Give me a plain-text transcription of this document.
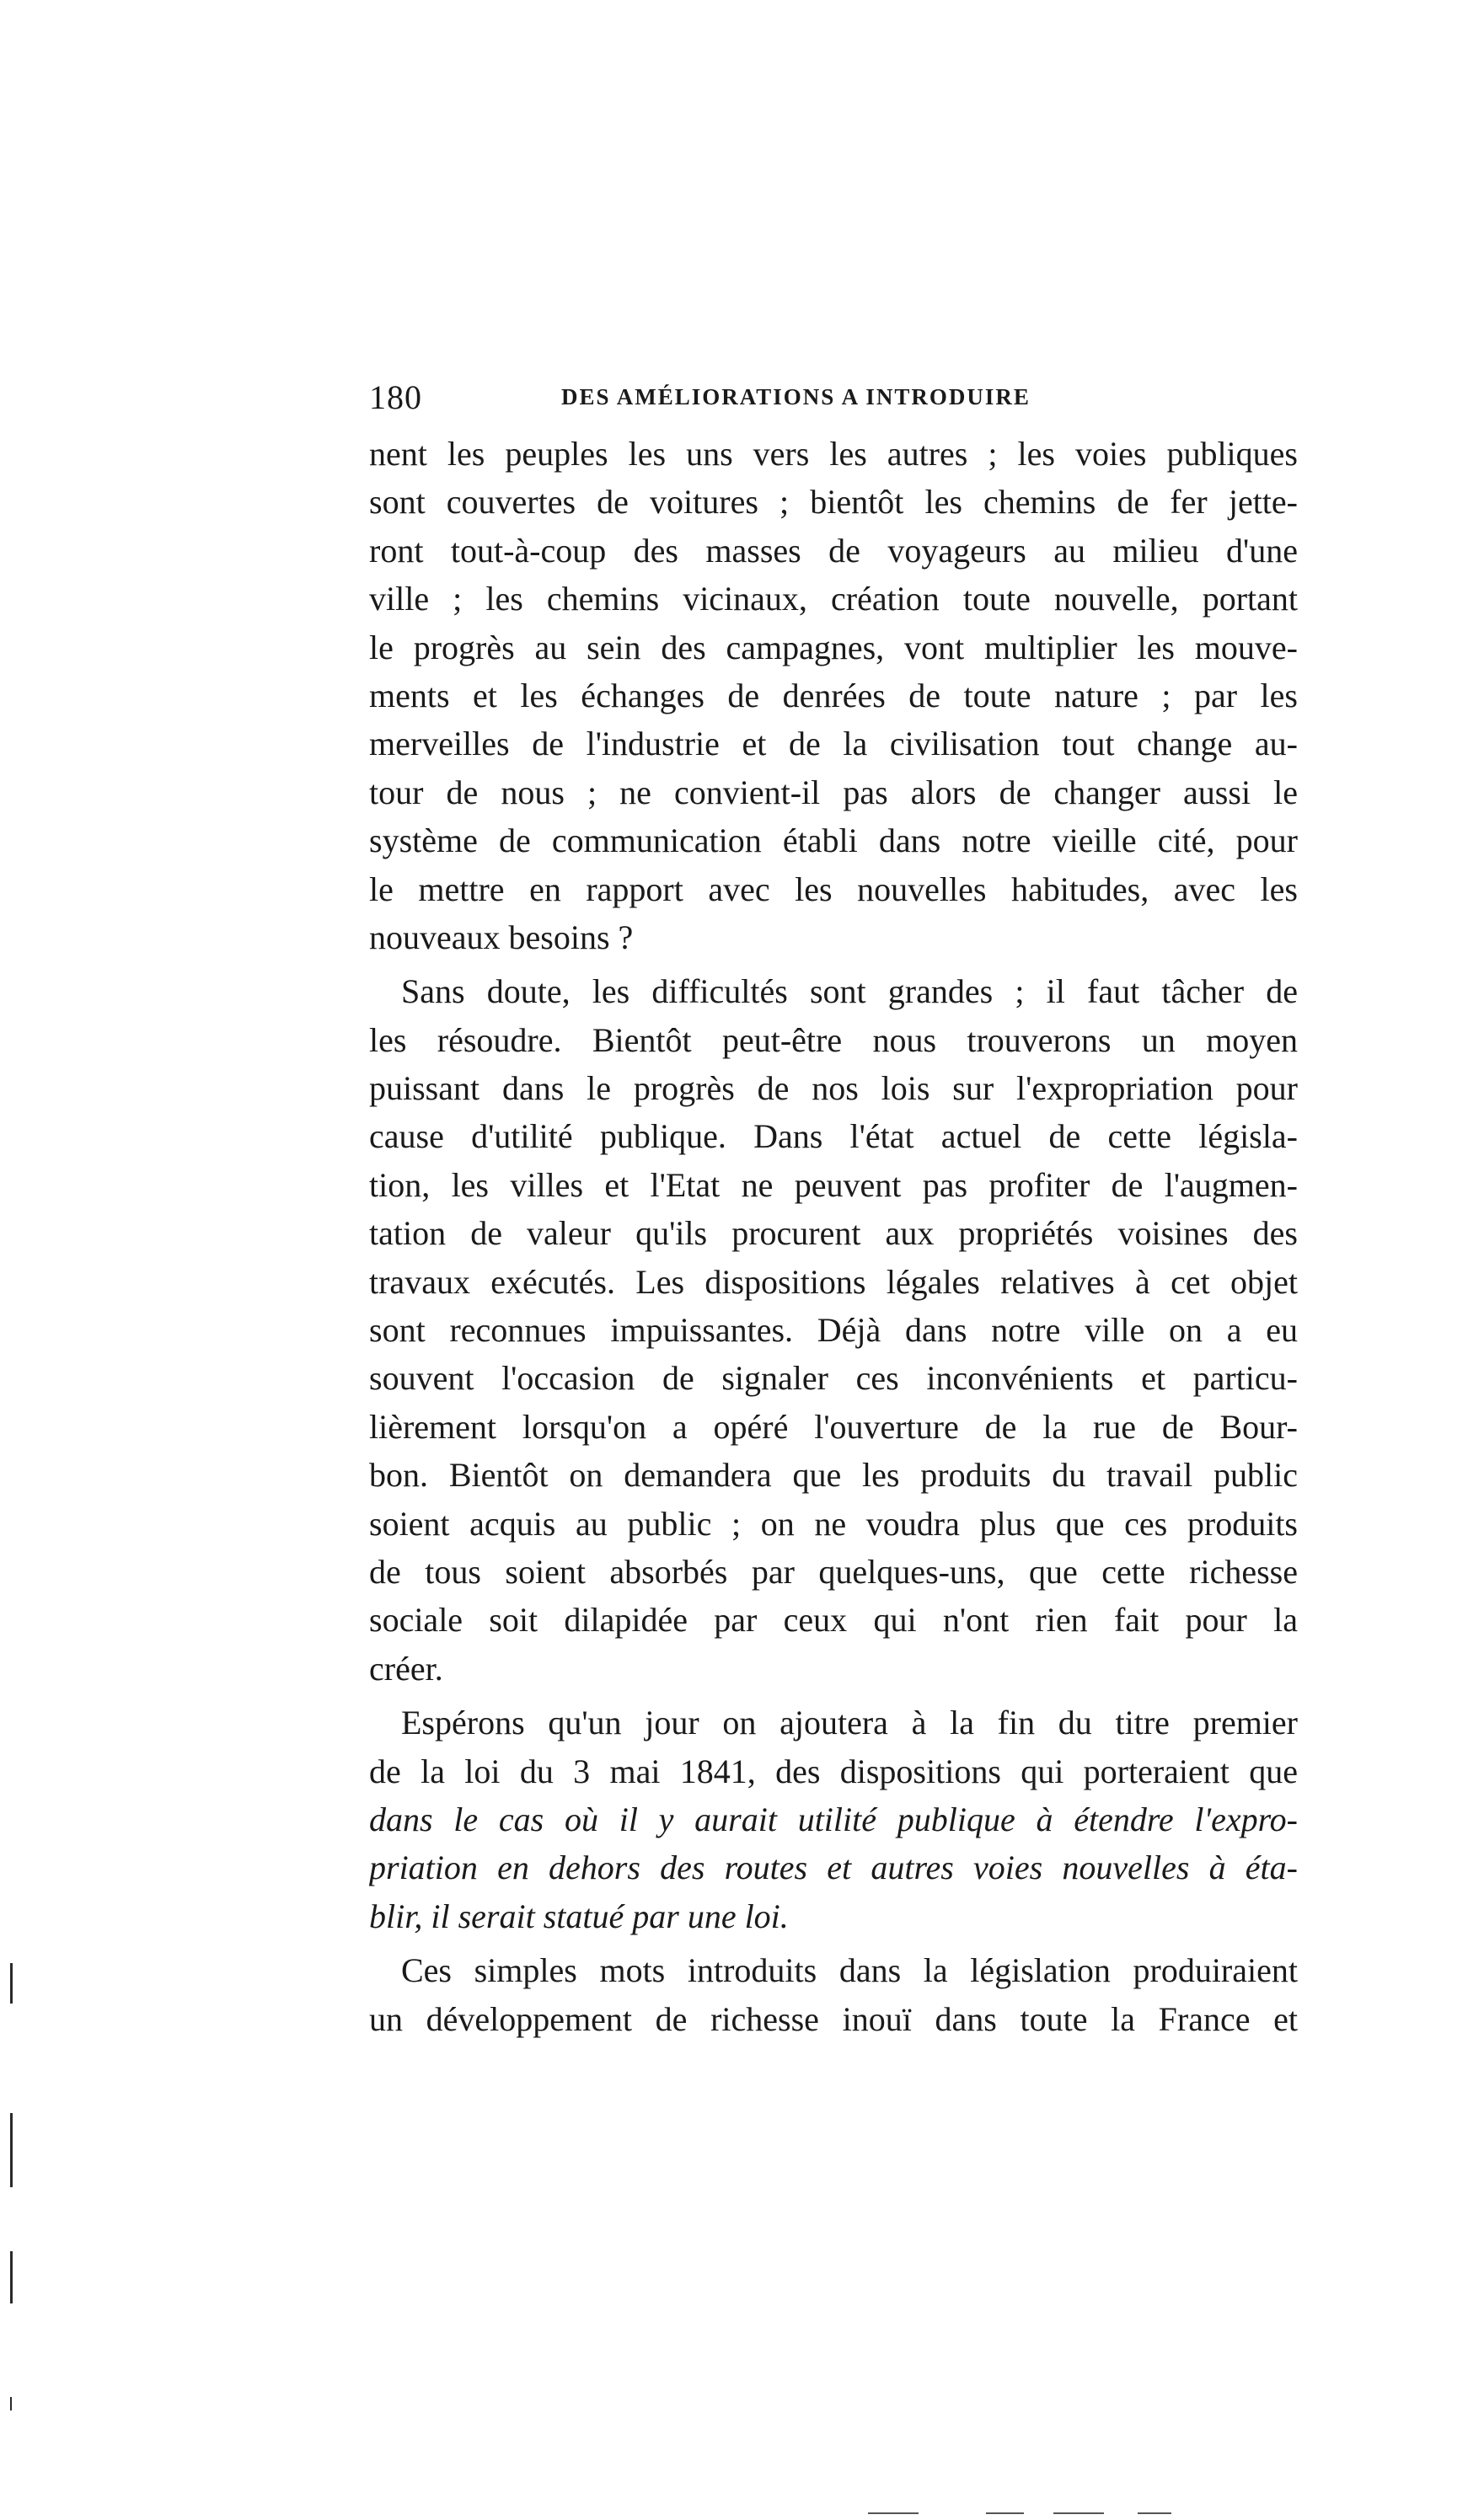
180	DES AMÉLIORATIONS A INTRODUIRE

nent les peuples les uns vers les autres ; les voies publiques
sont couvertes de voitures ; bientôt les chemins de fer jette-
ront tout-à-coup des masses de voyageurs au milieu d'une
ville ; les chemins vicinaux, création toute nouvelle, portant
le progrès au sein des campagnes, vont multiplier les mouve-
ments et les échanges de denrées de toute nature ; par les
merveilles de l'industrie et de la civilisation tout change au-
tour de nous ; ne convient-il pas alors de changer aussi le
système de communication établi dans notre vieille cité, pour
le mettre en rapport avec les nouvelles habitudes, avec les
nouveaux besoins ?

Sans doute, les difficultés sont grandes ; il faut tâcher de
les résoudre. Bientôt peut-être nous trouverons un moyen
puissant dans le progrès de nos lois sur l'expropriation pour
cause d'utilité publique. Dans l'état actuel de cette législa-
tion, les villes et l'Etat ne peuvent pas profiter de l'augmen-
tation de valeur qu'ils procurent aux propriétés voisines des
travaux exécutés. Les dispositions légales relatives à cet objet
sont reconnues impuissantes. Déjà dans notre ville on a eu
souvent l'occasion de signaler ces inconvénients et particu-
lièrement lorsqu'on a opéré l'ouverture de la rue de Bour-
bon. Bientôt on demandera que les produits du travail public
soient acquis au public ; on ne voudra plus que ces produits
de tous soient absorbés par quelques-uns, que cette richesse
sociale soit dilapidée par ceux qui n'ont rien fait pour la
créer.

Espérons qu'un jour on ajoutera à la fin du titre premier
de la loi du 3 mai 1841, des dispositions qui porteraient que
dans le cas où il y aurait utilité publique à étendre l'expro-
priation en dehors des routes et autres voies nouvelles à éta-
blir, il serait statué par une loi.

Ces simples mots introduits dans la législation produiraient
un développement de richesse inouï dans toute la France et
